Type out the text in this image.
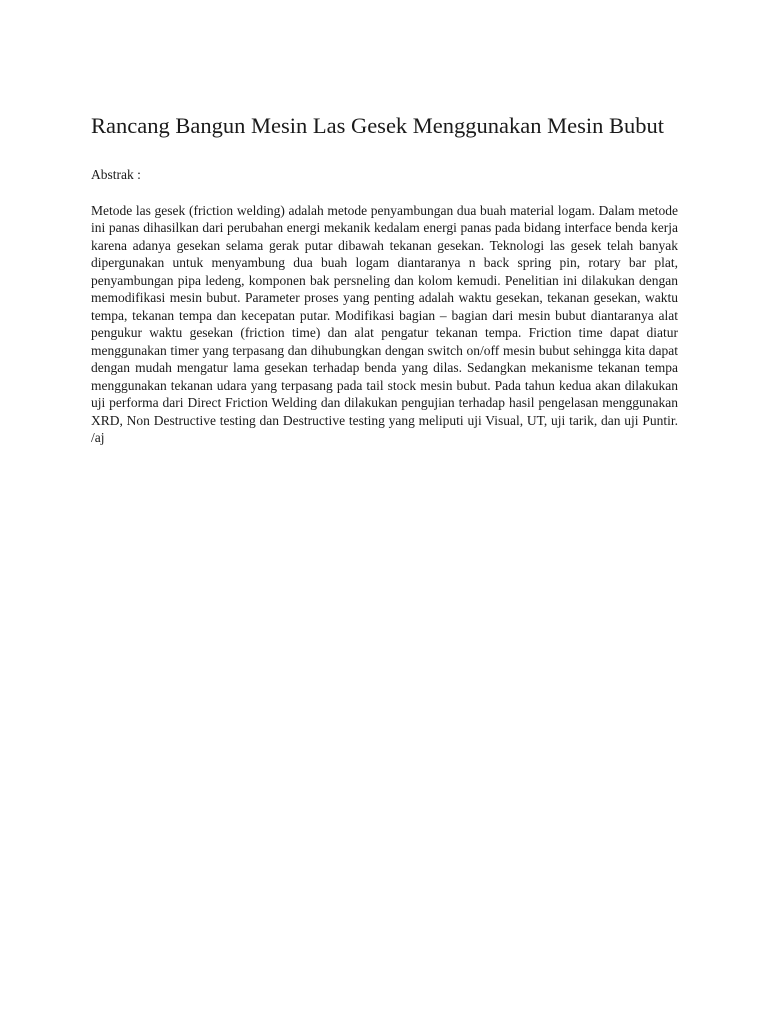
Rancang Bangun Mesin Las Gesek Menggunakan Mesin Bubut
Abstrak :

Metode las gesek (friction welding) adalah metode penyambungan dua buah material logam. Dalam metode ini panas dihasilkan dari perubahan energi mekanik kedalam energi panas pada bidang interface benda kerja karena adanya gesekan selama gerak putar dibawah tekanan gesekan. Teknologi las gesek telah banyak dipergunakan untuk menyambung dua buah logam diantaranya n back spring pin, rotary bar plat, penyambungan pipa ledeng, komponen bak persneling dan kolom kemudi. Penelitian ini dilakukan dengan memodifikasi mesin bubut. Parameter proses yang penting adalah waktu gesekan, tekanan gesekan, waktu tempa, tekanan tempa dan kecepatan putar. Modifikasi bagian – bagian dari mesin bubut diantaranya alat pengukur waktu gesekan (friction time) dan alat pengatur tekanan tempa. Friction time dapat diatur menggunakan timer yang terpasang dan dihubungkan dengan switch on/off mesin bubut sehingga kita dapat dengan mudah mengatur lama gesekan terhadap benda yang dilas. Sedangkan mekanisme tekanan tempa menggunakan tekanan udara yang terpasang pada tail stock mesin bubut. Pada tahun kedua akan dilakukan uji performa dari Direct Friction Welding dan dilakukan pengujian terhadap hasil pengelasan menggunakan XRD, Non Destructive testing dan Destructive testing yang meliputi uji Visual, UT, uji tarik, dan uji Puntir. /aj
